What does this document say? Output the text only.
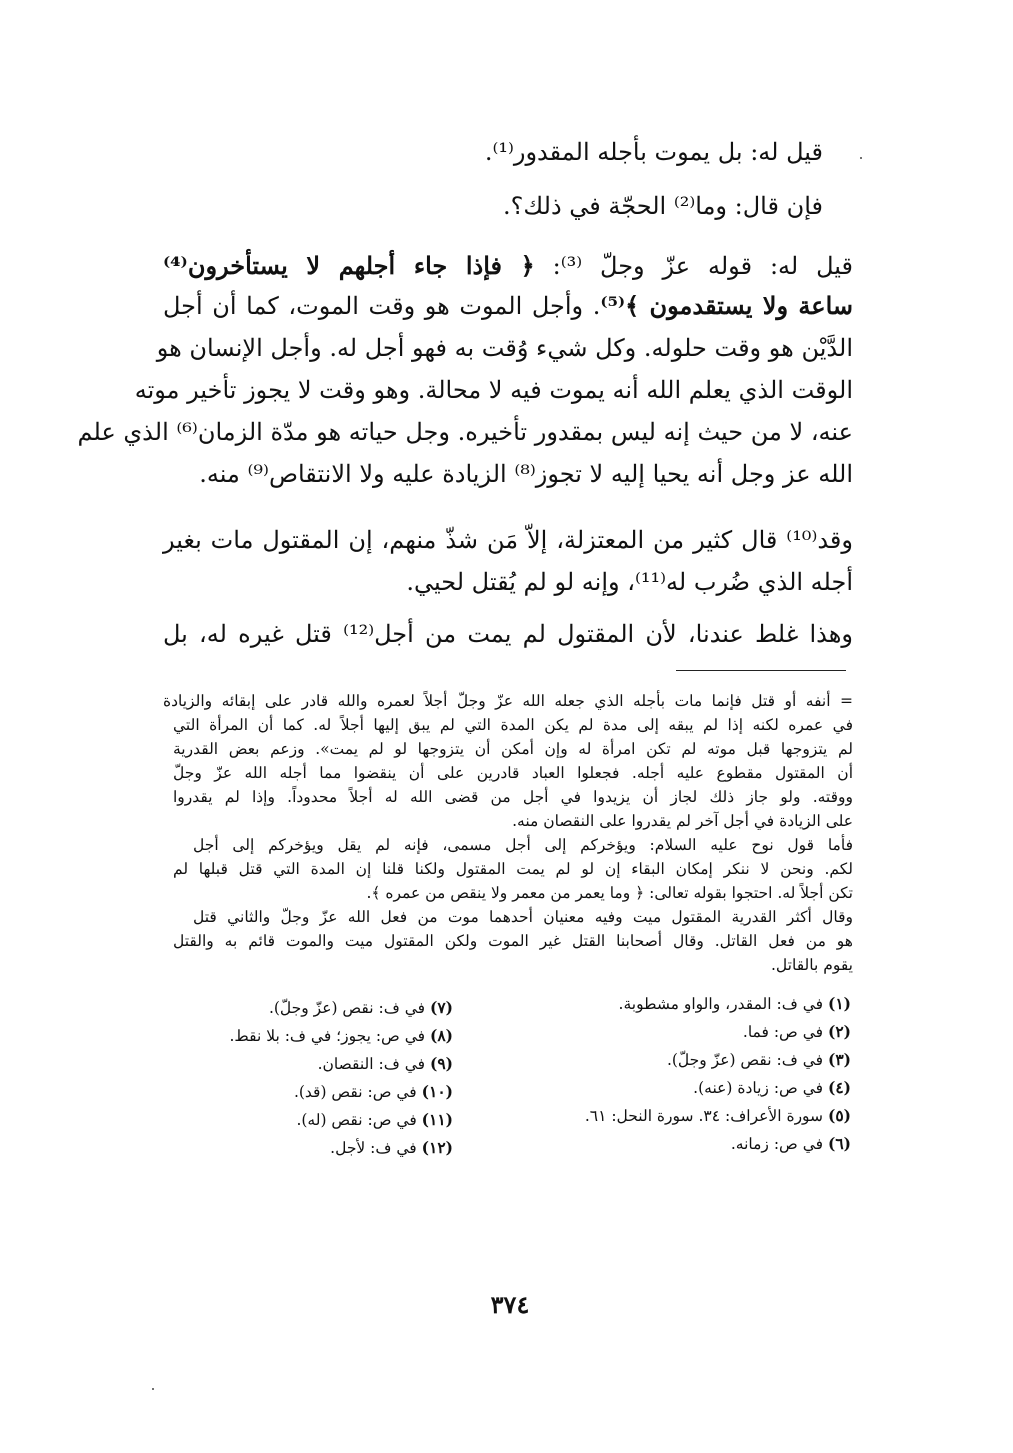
قيل له: بل يموت بأجله المقدور⁽¹⁾.

فإن قال: وما⁽²⁾ الحجّة في ذلك؟.

قيل له: قوله عزّ وجلّ ⁽³⁾: ﴿ فإذا جاء أجلهم لا يستأخرون⁽⁴⁾

ساعة ولا يستقدمون ﴾⁽⁵⁾. وأجل الموت هو وقت الموت، كما أن أجل

الدَّيْن هو وقت حلوله. وكل شيء وُقت به فهو أجل له. وأجل الإنسان هو

الوقت الذي يعلم الله أنه يموت فيه لا محالة. وهو وقت لا يجوز تأخير موته

عنه، لا من حيث إنه ليس بمقدور تأخيره. وجل حياته هو مدّة الزمان⁽⁶⁾ الذي علم

الله عز وجل أنه يحيا إليه لا تجوز⁽⁸⁾ الزيادة عليه ولا الانتقاص⁽⁹⁾ منه.

وقد⁽¹⁰⁾ قال كثير من المعتزلة، إلاّ مَن شذّ منهم، إن المقتول مات بغير

أجله الذي ضُرب له⁽¹¹⁾، وإنه لو لم يُقتل لحيي.

وهذا غلط عندنا، لأن المقتول لم يمت من أجل⁽¹²⁾ قتل غيره له، بل

= أنفه أو قتل فإنما مات بأجله الذي جعله الله عزّ وجلّ أجلاً لعمره والله قادر على إبقائه والزيادة

في عمره لكنه إذا لم يبقه إلى مدة لم يكن المدة التي لم يبق إليها أجلاً له. كما أن المرأة التي

لم يتزوجها قبل موته لم تكن امرأة له وإن أمكن أن يتزوجها لو لم يمت». وزعم بعض القدرية

أن المقتول مقطوع عليه أجله. فجعلوا العباد قادرين على أن ينقضوا مما أجله الله عزّ وجلّ

ووقته. ولو جاز ذلك لجاز أن يزيدوا في أجل من قضى الله له أجلاً محدوداً. وإذا لم يقدروا

على الزيادة في أجل آخر لم يقدروا على النقصان منه.

فأما قول نوح عليه السلام: ويؤخركم إلى أجل مسمى، فإنه لم يقل ويؤخركم إلى أجل

لكم. ونحن لا ننكر إمكان البقاء إن لو لم يمت المقتول ولكنا قلنا إن المدة التي قتل قبلها لم

تكن أجلاً له. احتجوا بقوله تعالى: ﴿ وما يعمر من معمر ولا ينقص من عمره ﴾.

وقال أكثر القدرية المقتول ميت وفيه معنيان أحدهما موت من فعل الله عزّ وجلّ والثاني قتل

هو من فعل القاتل. وقال أصحابنا القتل غير الموت ولكن المقتول ميت والموت قائم به والقتل

يقوم بالقاتل.

(١) في ف: المقدر، والواو مشطوبة.
(٢) في ص: فما.
(٣) في ف: نقص (عزّ وجلّ).
(٤) في ص: زيادة (عنه).
(٥) سورة الأعراف: ٣٤. سورة النحل: ٦١.
(٦) في ص: زمانه.
(٧) في ف: نقص (عزّ وجلّ).
(٨) في ص: يجوز؛ في ف: بلا نقط.
(٩) في ف: النقصان.
(١٠) في ص: نقص (قد).
(١١) في ص: نقص (له).
(١٢) في ف: لأجل.
٣٧٤
